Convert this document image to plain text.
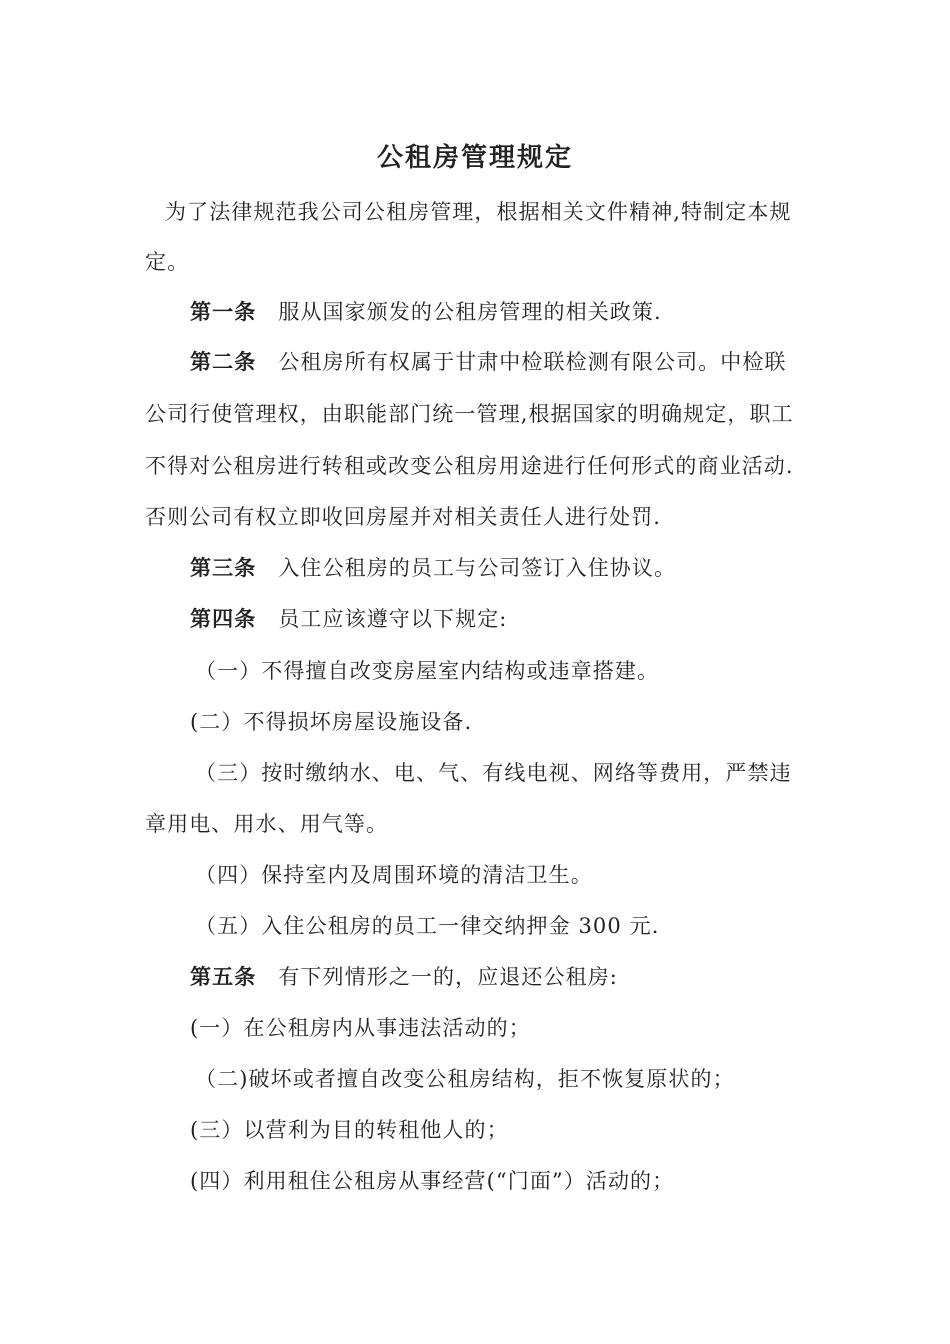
公租房管理规定
为了法律规范我公司公租房管理，根据相关文件精神,特制定本规
定。
第一条 服从国家颁发的公租房管理的相关政策.
第二条 公租房所有权属于甘肃中检联检测有限公司。中检联
公司行使管理权，由职能部门统一管理,根据国家的明确规定，职工
不得对公租房进行转租或改变公租房用途进行任何形式的商业活动.
否则公司有权立即收回房屋并对相关责任人进行处罚.
第三条 入住公租房的员工与公司签订入住协议。
第四条 员工应该遵守以下规定:
（一）不得擅自改变房屋室内结构或违章搭建。
(二）不得损坏房屋设施设备.
（三）按时缴纳水、电、气、有线电视、网络等费用，严禁违
章用电、用水、用气等。
（四）保持室内及周围环境的清洁卫生。
（五）入住公租房的员工一律交纳押金 300 元.
第五条 有下列情形之一的，应退还公租房:
(一）在公租房内从事违法活动的；
（二)破坏或者擅自改变公租房结构，拒不恢复原状的；
(三）以营利为目的转租他人的；
(四）利用租住公租房从事经营(“门面”）活动的；
